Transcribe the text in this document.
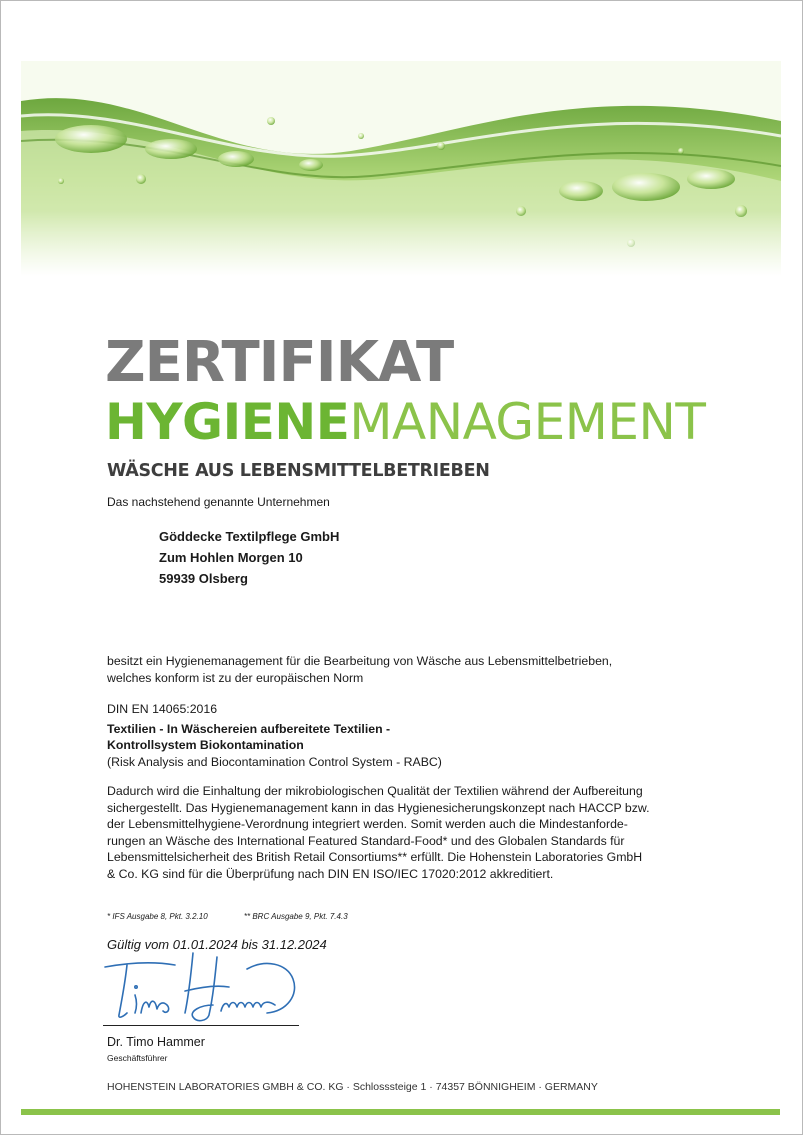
ZERTIFIKAT
HYGIENEMANAGEMENT
WÄSCHE AUS LEBENSMITTELBETRIEBEN

Das nachstehend genannte Unternehmen

Göddecke Textilpflege GmbH
Zum Hohlen Morgen 10
59939 Olsberg
besitzt ein Hygienemanagement für die Bearbeitung von Wäsche aus Lebensmittelbetrieben,
welches konform ist zu der europäischen Norm
DIN EN 14065:2016
Textilien - In Wäschereien aufbereitete Textilien -
Kontrollsystem Biokontamination
(Risk Analysis and Biocontamination Control System - RABC)
Dadurch wird die Einhaltung der mikrobiologischen Qualität der Textilien während der Aufbereitung
sichergestellt. Das Hygienemanagement kann in das Hygienesicherungskonzept nach HACCP bzw.
der Lebensmittelhygiene-Verordnung integriert werden. Somit werden auch die Mindestanforde-
rungen an Wäsche des International Featured Standard-Food* und des Globalen Standards für
Lebensmittelsicherheit des British Retail Consortiums** erfüllt. Die Hohenstein Laboratories GmbH
& Co. KG sind für die Überprüfung nach DIN EN ISO/IEC 17020:2012 akkreditiert.
* IFS Ausgabe 8, Pkt. 3.2.10	** BRC Ausgabe 9, Pkt. 7.4.3

Gültig vom 01.01.2024 bis 31.12.2024

Dr. Timo Hammer

Geschäftsführer

HOHENSTEIN LABORATORIES GMBH & CO. KG · Schlosssteige 1 · 74357 BÖNNIGHEIM · GERMANY
